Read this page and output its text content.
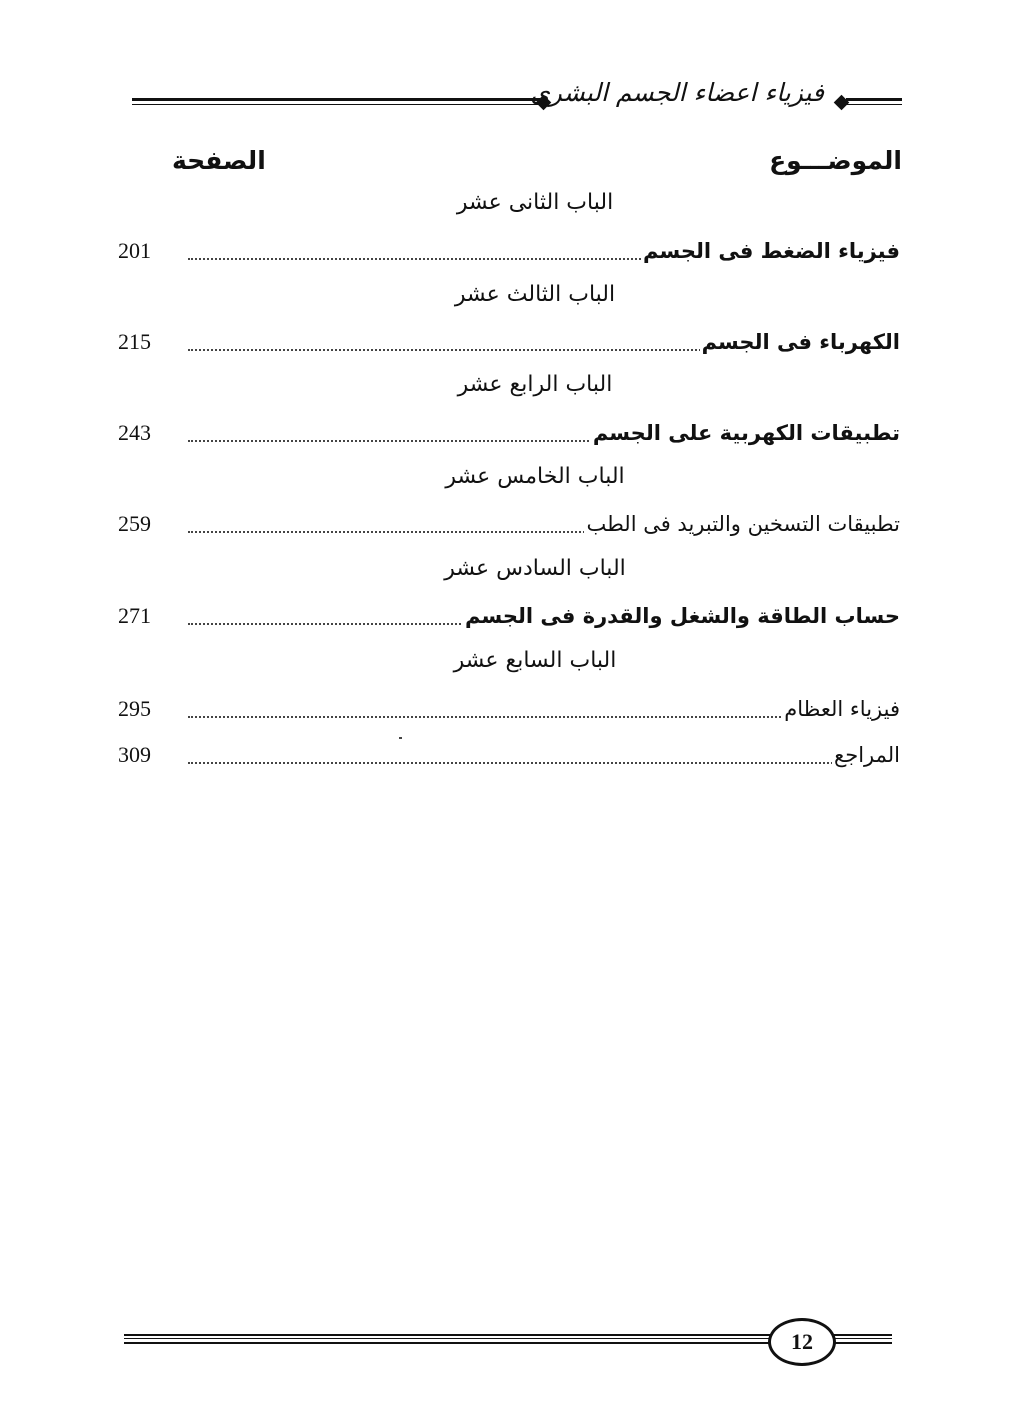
فيزياء اعضاء الجسم البشرى
الموضـــوع
الصفحة
الباب الثانى عشر
201	فيزياء الضغط فى الجسم
الباب الثالث عشر
215	الكهرباء فى الجسم
الباب الرابع عشر
243	تطبيقات الكهربية على الجسم
الباب الخامس عشر
259	تطبيقات التسخين والتبريد فى الطب
الباب السادس عشر
271	حساب الطاقة والشغل والقدرة فى الجسم
الباب السابع عشر
295	فيزياء العظام
309	المراجع
12
